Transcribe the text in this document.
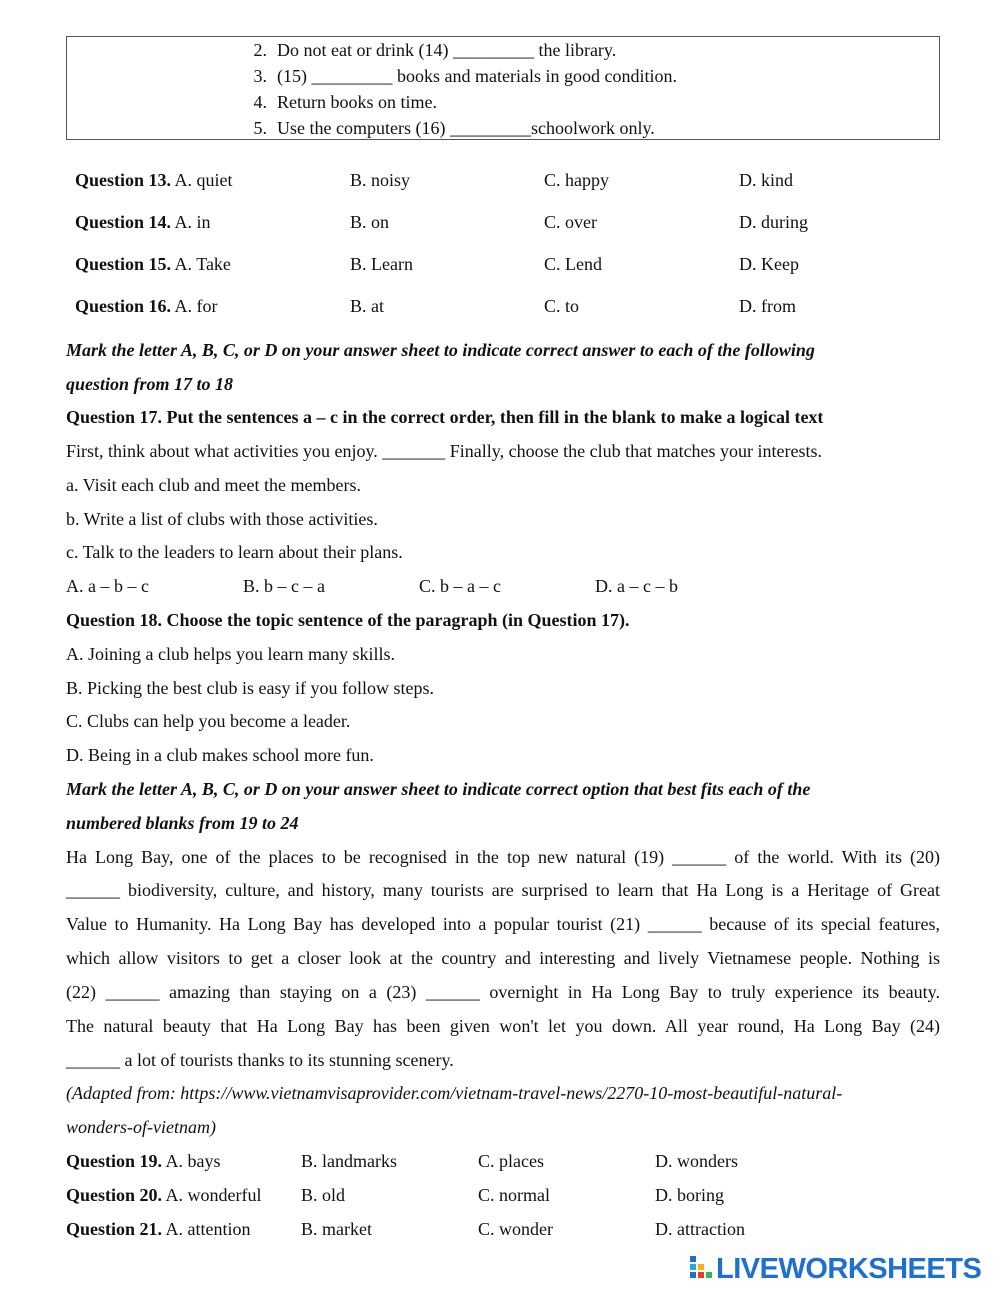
2. Do not eat or drink (14) _________ the library.
3. (15) _________ books and materials in good condition.
4. Return books on time.
5. Use the computers (16) _________schoolwork only.
Question 13. A. quiet	B. noisy	C. happy	D. kind
Question 14. A. in	B. on	C. over	D. during
Question 15. A. Take	B. Learn	C. Lend	D. Keep
Question 16. A. for	B. at	C. to	D. from
Mark the letter A, B, C, or D on your answer sheet to indicate correct answer to each of the following
question from 17 to 18
Question 17. Put the sentences a – c in the correct order, then fill in the blank to make a logical text
First, think about what activities you enjoy. _______ Finally, choose the club that matches your interests.
a. Visit each club and meet the members.
b. Write a list of clubs with those activities.
c. Talk to the leaders to learn about their plans.
A. a – b – c	B. b – c – a	C. b – a – c	D. a – c – b
Question 18. Choose the topic sentence of the paragraph (in Question 17).
A. Joining a club helps you learn many skills.
B. Picking the best club is easy if you follow steps.
C. Clubs can help you become a leader.
D. Being in a club makes school more fun.
Mark the letter A, B, C, or D on your answer sheet to indicate correct option that best fits each of the
numbered blanks from 19 to 24
Ha Long Bay, one of the places to be recognised in the top new natural (19) ______ of the world. With its (20)
______ biodiversity, culture, and history, many tourists are surprised to learn that Ha Long is a Heritage of Great
Value to Humanity. Ha Long Bay has developed into a popular tourist (21) ______ because of its special features,
which allow visitors to get a closer look at the country and interesting and lively Vietnamese people. Nothing is
(22) ______ amazing than staying on a (23) ______ overnight in Ha Long Bay to truly experience its beauty.
The natural beauty that Ha Long Bay has been given won't let you down. All year round, Ha Long Bay (24)
______ a lot of tourists thanks to its stunning scenery.
(Adapted from: https://www.vietnamvisaprovider.com/vietnam-travel-news/2270-10-most-beautiful-natural-
wonders-of-vietnam)
Question 19. A. bays	B. landmarks	C. places	D. wonders
Question 20. A. wonderful B. old	C. normal	D. boring
Question 21. A. attention	B. market	C. wonder	D. attraction
LIVEWORKSHEETS
